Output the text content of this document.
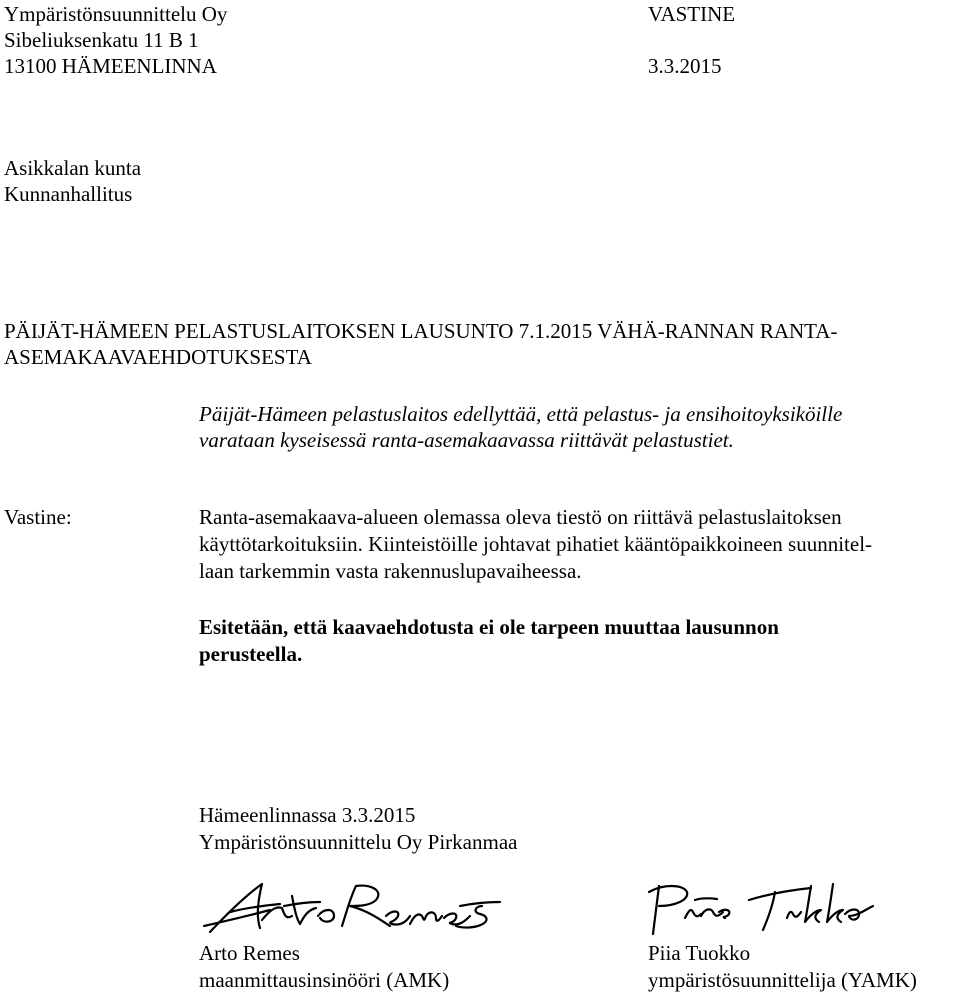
Ympäristönsuunnittelu Oy
Sibeliuksenkatu 11 B 1
13100 HÄMEENLINNA
VASTINE
3.3.2015
Asikkalan kunta
Kunnanhallitus
PÄIJÄT-HÄMEEN PELASTUSLAITOKSEN LAUSUNTO 7.1.2015 VÄHÄ-RANNAN RANTA-
ASEMAKAAVAEHDOTUKSESTA
Päijät-Hämeen pelastuslaitos edellyttää, että pelastus- ja ensihoitoyksiköille
varataan kyseisessä ranta-asemakaavassa riittävät pelastustiet.
Vastine:	Ranta-asemakaava-alueen olemassa oleva tiestö on riittävä pelastuslaitoksen
käyttötarkoituksiin. Kiinteistöille johtavat pihatiet kääntöpaikkoineen suunnitel-
laan tarkemmin vasta rakennuslupavaiheessa.
Esitetään, että kaavaehdotusta ei ole tarpeen muuttaa lausunnon
perusteella.
Hämeenlinnassa 3.3.2015
Ympäristönsuunnittelu Oy Pirkanmaa
Arto Remes
maanmittausinsinööri (AMK)
Piia Tuokko
ympäristösuunnittelija (YAMK)
